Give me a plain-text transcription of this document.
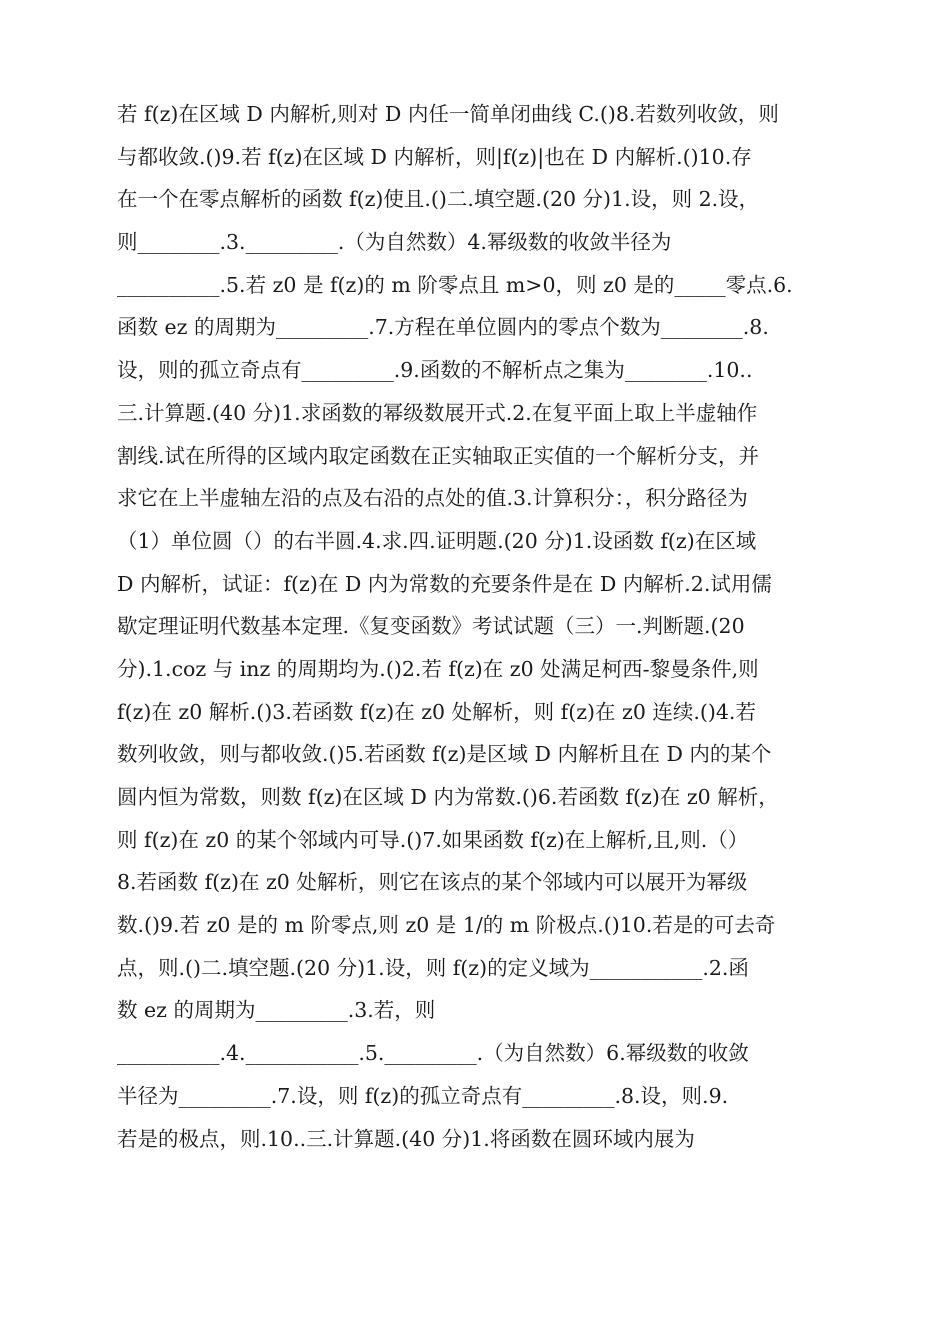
若 f(z)在区域 D 内解析,则对 D 内任一简单闭曲线 C.()8.若数列收敛，则
与都收敛.()9.若 f(z)在区域 D 内解析，则|f(z)|也在 D 内解析.()10.存
在一个在零点解析的函数 f(z)使且.()二.填空题.(20 分)1.设，则 2.设，
则________.3._________.（为自然数）4.幂级数的收敛半径为
__________.5.若 z0 是 f(z)的 m 阶零点且 m>0，则 z0 是的_____零点.6.
函数 ez 的周期为_________.7.方程在单位圆内的零点个数为________.8.
设，则的孤立奇点有_________.9.函数的不解析点之集为________.10..
三.计算题.(40 分)1.求函数的幂级数展开式.2.在复平面上取上半虚轴作
割线.试在所得的区域内取定函数在正实轴取正实值的一个解析分支，并
求它在上半虚轴左沿的点及右沿的点处的值.3.计算积分：，积分路径为
（1）单位圆（）的右半圆.4.求.四.证明题.(20 分)1.设函数 f(z)在区域
D 内解析，试证：f(z)在 D 内为常数的充要条件是在 D 内解析.2.试用儒
歇定理证明代数基本定理.《复变函数》考试试题（三）一.判断题.(20
分).1.coz 与 inz 的周期均为.()2.若 f(z)在 z0 处满足柯西-黎曼条件,则
f(z)在 z0 解析.()3.若函数 f(z)在 z0 处解析，则 f(z)在 z0 连续.()4.若
数列收敛，则与都收敛.()5.若函数 f(z)是区域 D 内解析且在 D 内的某个
圆内恒为常数，则数 f(z)在区域 D 内为常数.()6.若函数 f(z)在 z0 解析，
则 f(z)在 z0 的某个邻域内可导.()7.如果函数 f(z)在上解析,且,则.（）
8.若函数 f(z)在 z0 处解析，则它在该点的某个邻域内可以展开为幂级
数.()9.若 z0 是的 m 阶零点,则 z0 是 1/的 m 阶极点.()10.若是的可去奇
点，则.()二.填空题.(20 分)1.设，则 f(z)的定义域为___________.2.函
数 ez 的周期为_________.3.若，则
__________.4.___________.5._________.（为自然数）6.幂级数的收敛
半径为_________.7.设，则 f(z)的孤立奇点有_________.8.设，则.9.
若是的极点，则.10..三.计算题.(40 分)1.将函数在圆环域内展为
